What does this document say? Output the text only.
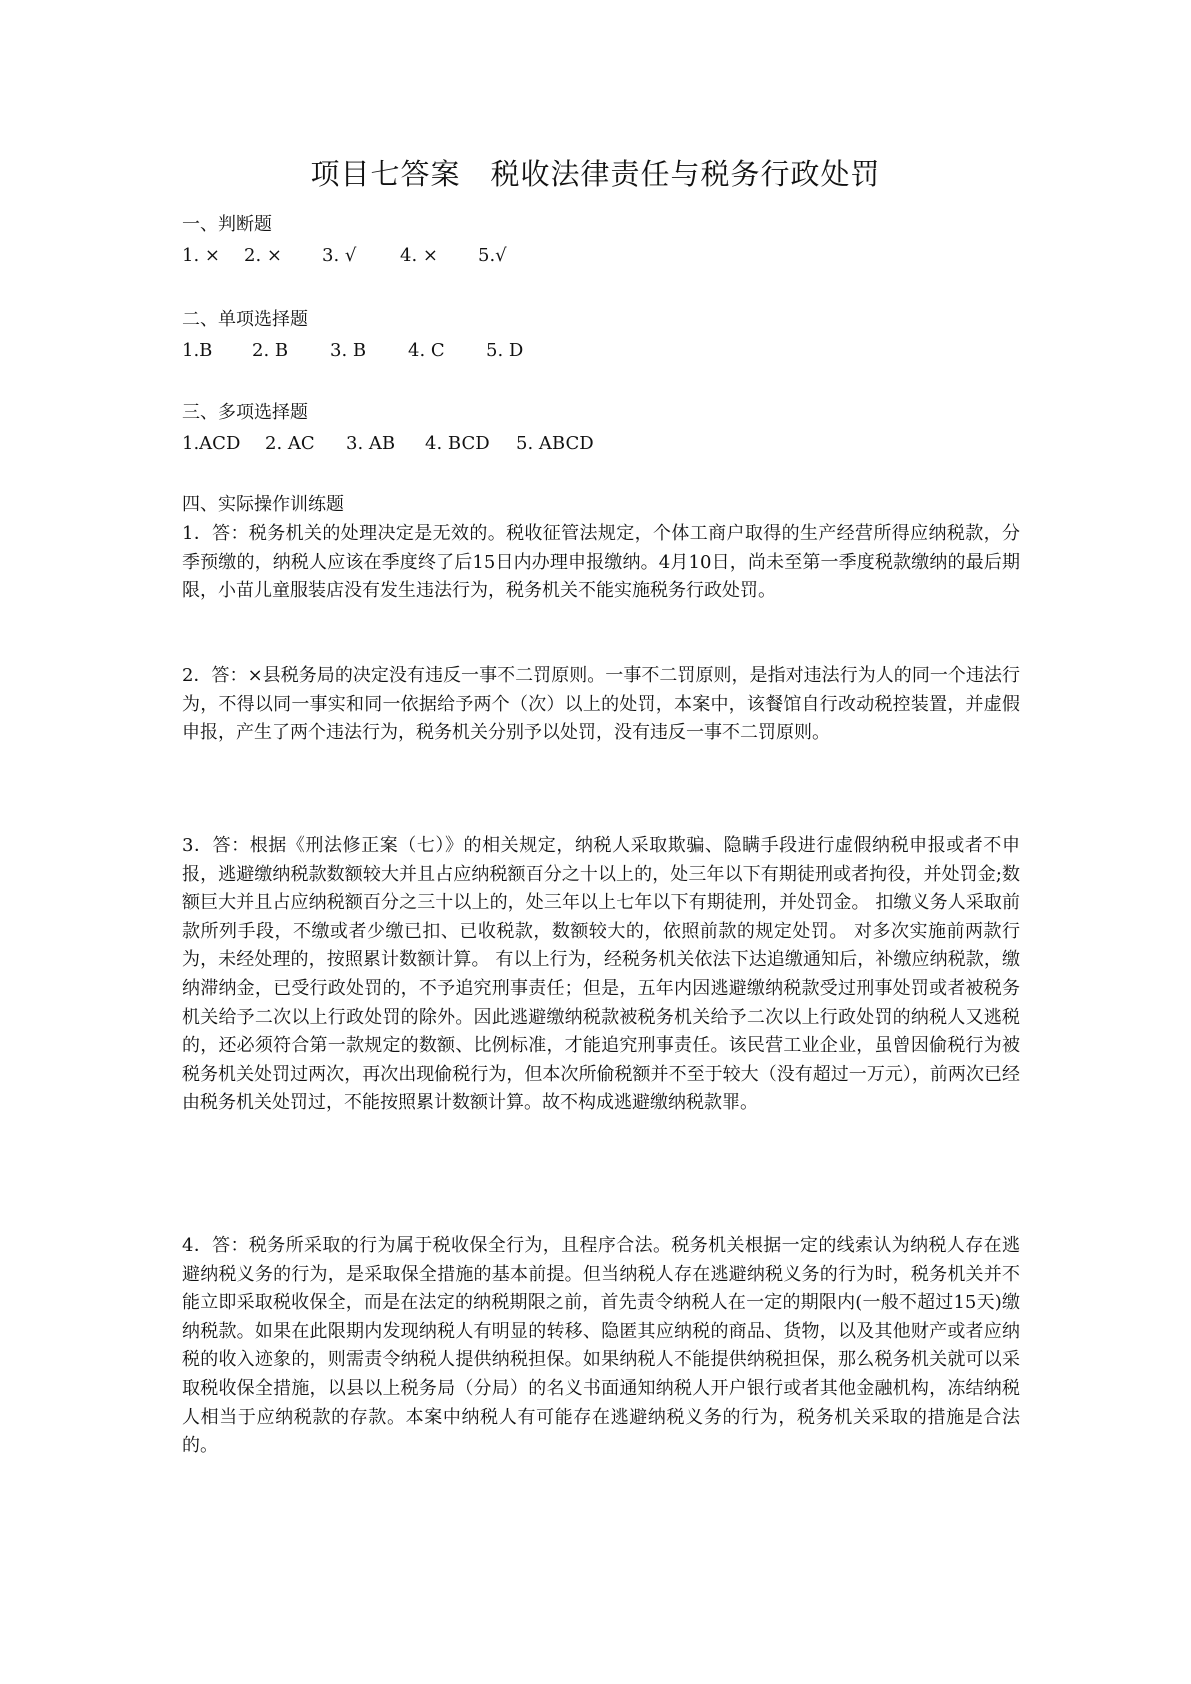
项目七答案　税收法律责任与税务行政处罚
一、判断题
1. ×	2. ×	3. √	4. ×	5.√
二、单项选择题
1.B	2. B	3. B	4. C	5. D
三、多项选择题
1.ACD	2. AC	3. AB	4. BCD	5. ABCD
四、实际操作训练题

1．答：税务机关的处理决定是无效的。税收征管法规定，个体工商户取得的生产经营所得应纳税款，分季预缴的，纳税人应该在季度终了后15日内办理申报缴纳。4月10日，尚未至第一季度税款缴纳的最后期限，小苗儿童服装店没有发生违法行为，税务机关不能实施税务行政处罚。

2．答：×县税务局的决定没有违反一事不二罚原则。一事不二罚原则，是指对违法行为人的同一个违法行为，不得以同一事实和同一依据给予两个（次）以上的处罚，本案中，该餐馆自行改动税控装置，并虚假申报，产生了两个违法行为，税务机关分别予以处罚，没有违反一事不二罚原则。

3．答：根据《刑法修正案（七）》的相关规定，纳税人采取欺骗、隐瞒手段进行虚假纳税申报或者不申报，逃避缴纳税款数额较大并且占应纳税额百分之十以上的，处三年以下有期徒刑或者拘役，并处罚金;数额巨大并且占应纳税额百分之三十以上的，处三年以上七年以下有期徒刑，并处罚金。 扣缴义务人采取前款所列手段，不缴或者少缴已扣、已收税款，数额较大的，依照前款的规定处罚。 对多次实施前两款行为，未经处理的，按照累计数额计算。 有以上行为，经税务机关依法下达追缴通知后，补缴应纳税款，缴纳滞纳金，已受行政处罚的，不予追究刑事责任；但是，五年内因逃避缴纳税款受过刑事处罚或者被税务机关给予二次以上行政处罚的除外。因此逃避缴纳税款被税务机关给予二次以上行政处罚的纳税人又逃税的，还必须符合第一款规定的数额、比例标准，才能追究刑事责任。该民营工业企业，虽曾因偷税行为被税务机关处罚过两次，再次出现偷税行为，但本次所偷税额并不至于较大（没有超过一万元），前两次已经由税务机关处罚过，不能按照累计数额计算。故不构成逃避缴纳税款罪。

4．答：税务所采取的行为属于税收保全行为，且程序合法。税务机关根据一定的线索认为纳税人存在逃避纳税义务的行为，是采取保全措施的基本前提。但当纳税人存在逃避纳税义务的行为时，税务机关并不能立即采取税收保全，而是在法定的纳税期限之前，首先责令纳税人在一定的期限内(一般不超过15天)缴纳税款。如果在此限期内发现纳税人有明显的转移、隐匿其应纳税的商品、货物，以及其他财产或者应纳税的收入迹象的，则需责令纳税人提供纳税担保。如果纳税人不能提供纳税担保，那么税务机关就可以采取税收保全措施，以县以上税务局（分局）的名义书面通知纳税人开户银行或者其他金融机构，冻结纳税人相当于应纳税款的存款。本案中纳税人有可能存在逃避纳税义务的行为，税务机关采取的措施是合法的。
